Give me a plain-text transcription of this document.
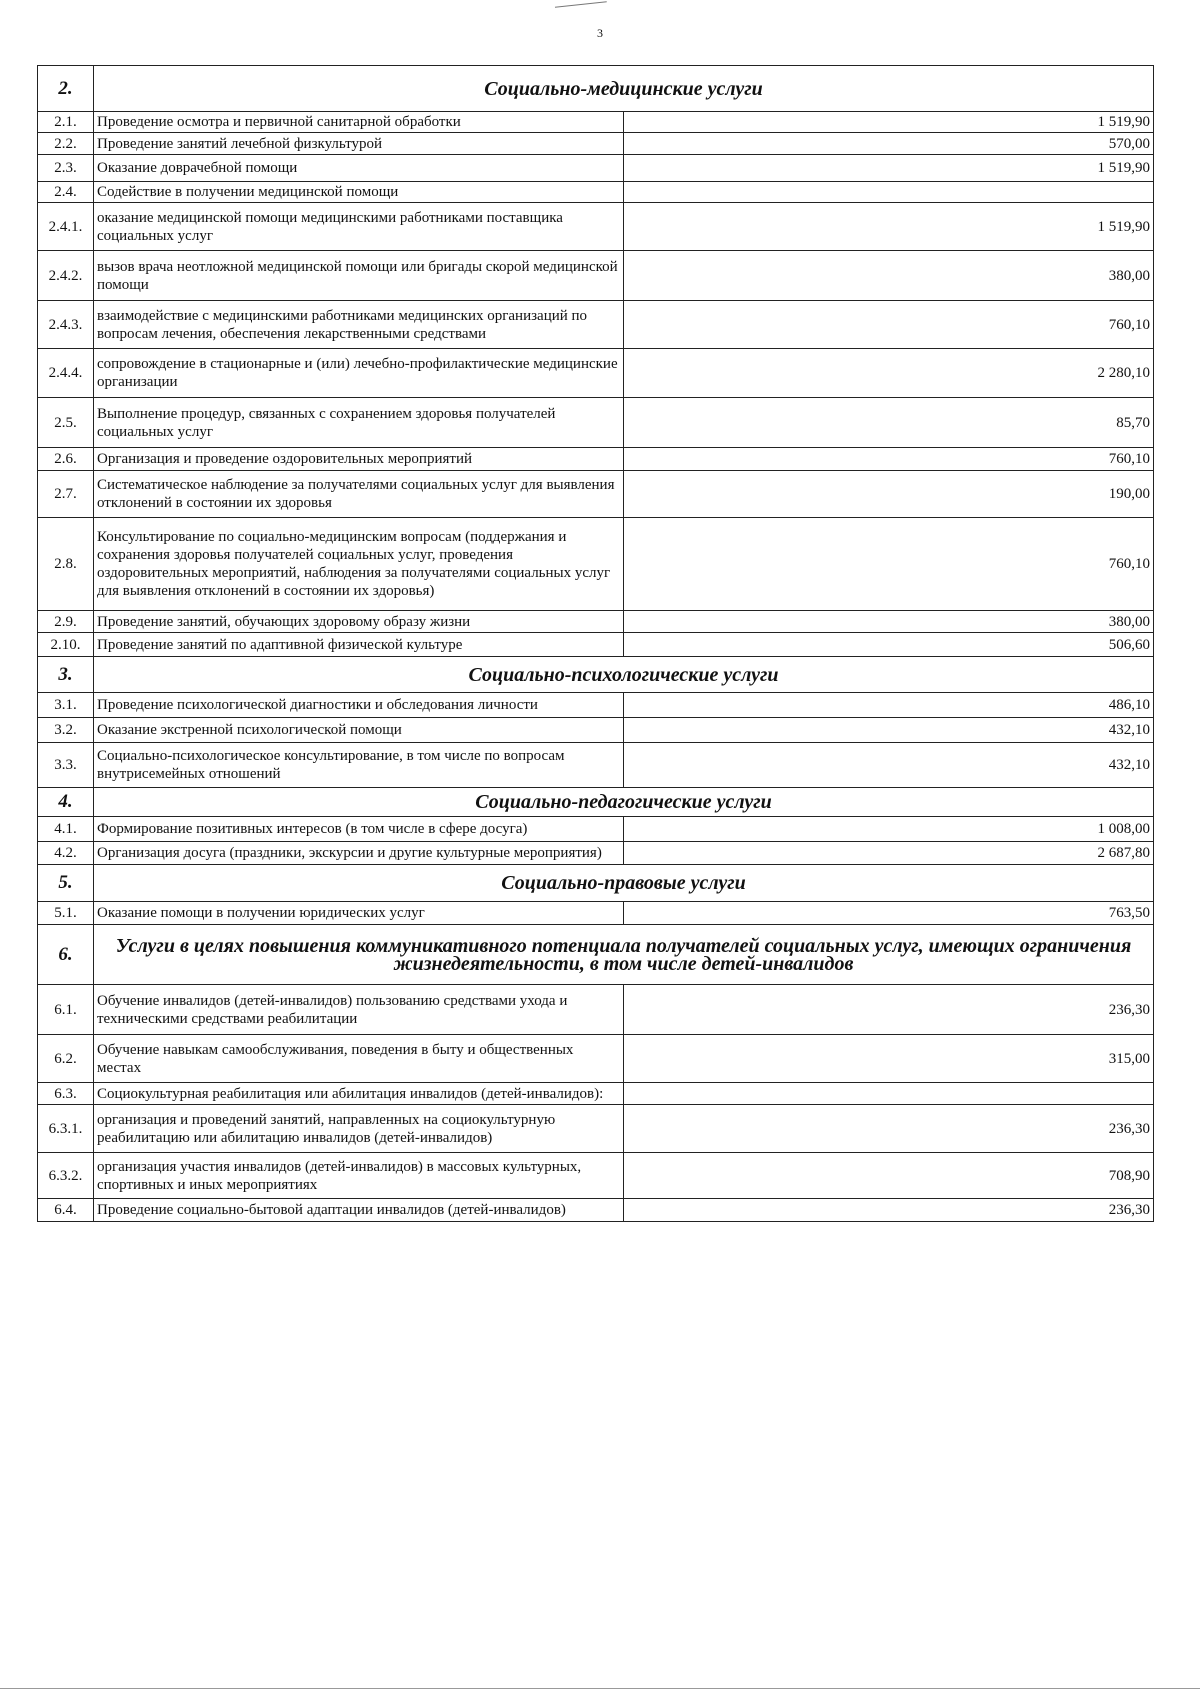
3
2.	Социально-медицинские услуги	
2.1.	Проведение осмотра и первичной санитарной обработки	1 519,90
2.2.	Проведение занятий лечебной физкультурой	570,00
2.3.	Оказание доврачебной помощи	1 519,90
2.4.	Содействие в получении медицинской помощи	
2.4.1.	оказание медицинской помощи медицинскими работниками поставщика социальных услуг	1 519,90
2.4.2.	вызов врача неотложной медицинской помощи или бригады скорой медицинской помощи	380,00
2.4.3.	взаимодействие с медицинскими работниками медицинских организаций по вопросам лечения, обеспечения лекарственными средствами	760,10
2.4.4.	сопровождение в стационарные и (или) лечебно-профилактические медицинские организации	2 280,10
2.5.	Выполнение процедур, связанных с сохранением здоровья получателей социальных услуг	85,70
2.6.	Организация и проведение оздоровительных мероприятий	760,10
2.7.	Систематическое наблюдение за получателями социальных услуг для выявления отклонений в состоянии их здоровья	190,00
2.8.	Консультирование по социально-медицинским вопросам (поддержания и сохранения здоровья получателей социальных услуг, проведения оздоровительных мероприятий, наблюдения за получателями социальных услуг для выявления отклонений в состоянии их здоровья)	760,10
2.9.	Проведение занятий, обучающих здоровому образу жизни	380,00
2.10.	Проведение занятий по адаптивной физической культуре	506,60
3.	Социально-психологические услуги	
3.1.	Проведение психологической диагностики и обследования личности	486,10
3.2.	Оказание экстренной психологической помощи	432,10
3.3.	Социально-психологическое консультирование, в том числе по вопросам внутрисемейных отношений	432,10
4.	Социально-педагогические услуги	
4.1.	Формирование позитивных интересов (в том числе в сфере досуга)	1 008,00
4.2.	Организация досуга (праздники, экскурсии и другие культурные мероприятия)	2 687,80
5.	Социально-правовые услуги	
5.1.	Оказание помощи в получении юридических услуг	763,50
6.	Услуги в целях повышения коммуникативного потенциала получателей социальных услуг, имеющих ограничения жизнедеятельности, в том числе детей-инвалидов	
6.1.	Обучение инвалидов (детей-инвалидов) пользованию средствами ухода и техническими средствами реабилитации	236,30
6.2.	Обучение навыкам самообслуживания, поведения в быту и общественных местах	315,00
6.3.	Социокультурная реабилитация или абилитация инвалидов (детей-инвалидов):	
6.3.1.	организация и проведений занятий, направленных на социокультурную реабилитацию или абилитацию инвалидов (детей-инвалидов)	236,30
6.3.2.	организация участия инвалидов (детей-инвалидов) в массовых культурных, спортивных и иных мероприятиях	708,90
6.4.	Проведение социально-бытовой адаптации инвалидов (детей-инвалидов)	236,30
